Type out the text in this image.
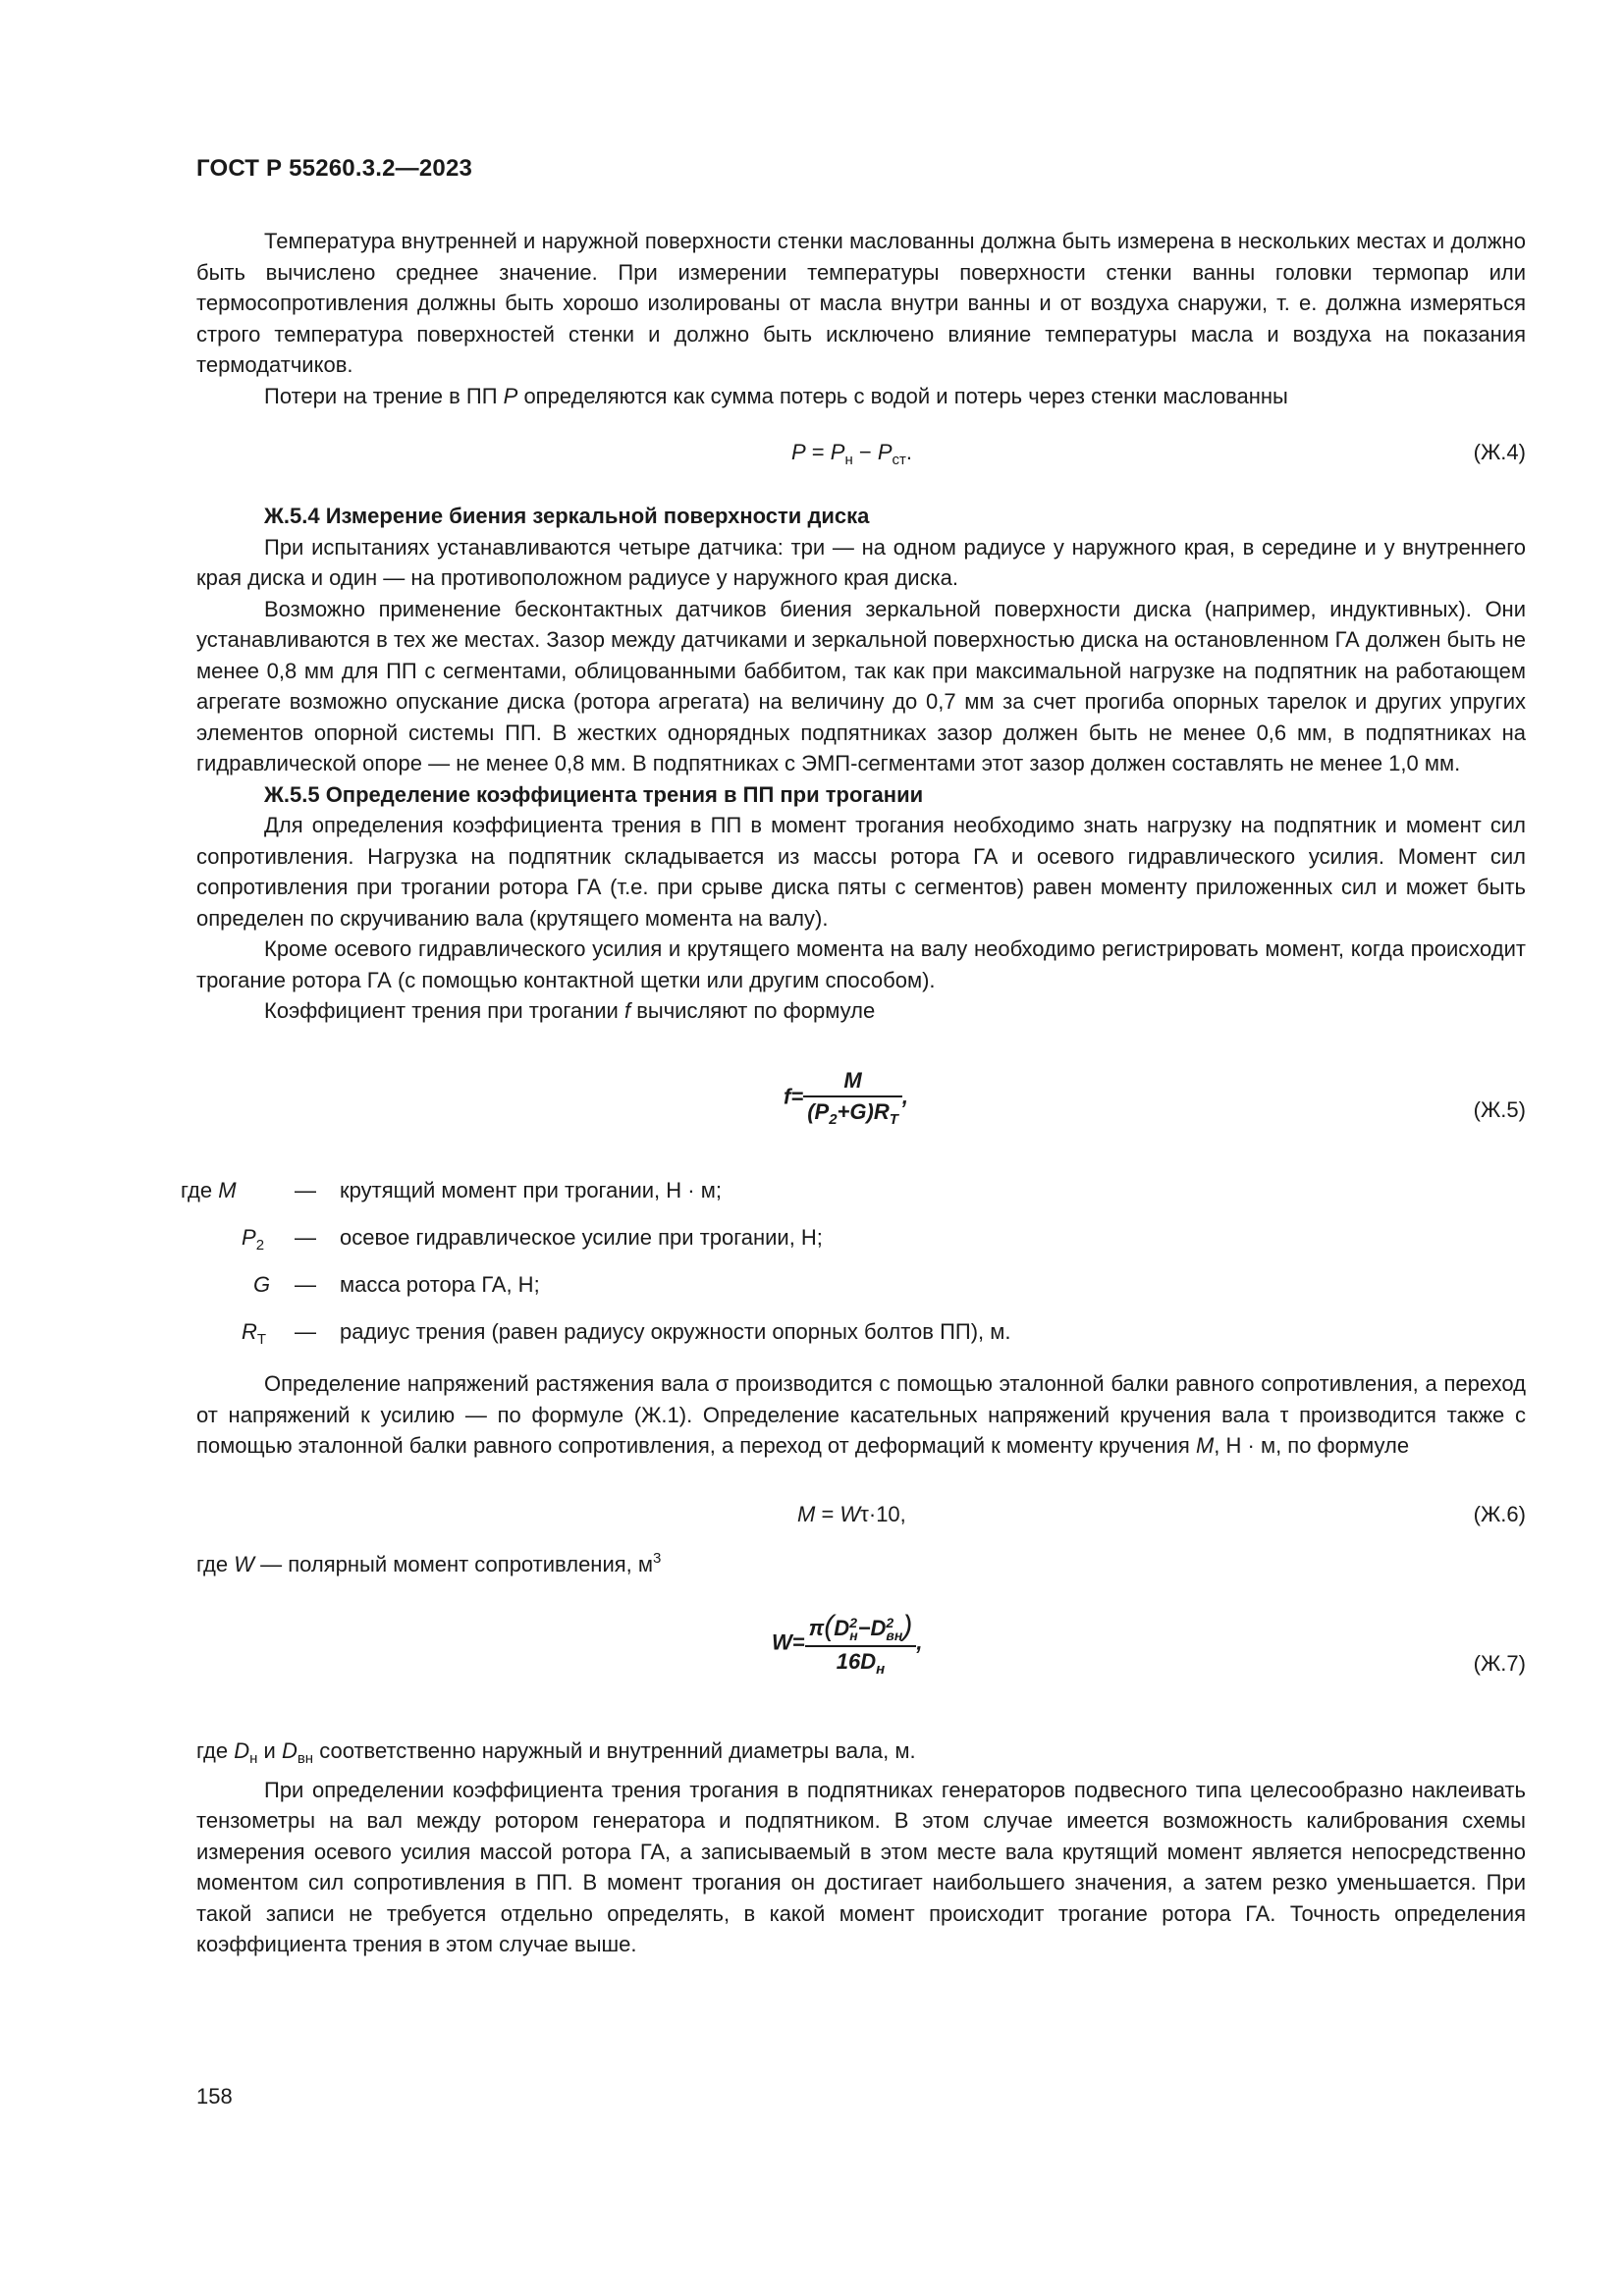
ГОСТ Р 55260.3.2—2023

Температура внутренней и наружной поверхности стенки маслованны должна быть измерена в нескольких местах и должно быть вычислено среднее значение. При измерении температуры поверхности стенки ванны головки термопар или термосопротивления должны быть хорошо изолированы от масла внутри ванны и от воздуха снаружи, т. е. должна измеряться строго температура поверхностей стенки и должно быть исключено влияние температуры масла и воздуха на показания термодатчиков.

Потери на трение в ПП P определяются как сумма потерь с водой и потерь через стенки маслованны

$P = P_н - P_{ст}$.	(Ж.4)
Ж.5.4 Измерение биения зеркальной поверхности диска

При испытаниях устанавливаются четыре датчика: три — на одном радиусе у наружного края, в середине и у внутреннего края диска и один — на противоположном радиусе у наружного края диска.

Возможно применение бесконтактных датчиков биения зеркальной поверхности диска (например, индуктивных). Они устанавливаются в тех же местах. Зазор между датчиками и зеркальной поверхностью диска на остановленном ГА должен быть не менее 0,8 мм для ПП с сегментами, облицованными баббитом, так как при максимальной нагрузке на подпятник на работающем агрегате возможно опускание диска (ротора агрегата) на величину до 0,7 мм за счет прогиба опорных тарелок и других упругих элементов опорной системы ПП. В жестких однорядных подпятниках зазор должен быть не менее 0,6 мм, в подпятниках на гидравлической опоре — не менее 0,8 мм. В подпятниках с ЭМП-сегментами этот зазор должен составлять не менее 1,0 мм.

Ж.5.5 Определение коэффициента трения в ПП при трогании

Для определения коэффициента трения в ПП в момент трогания необходимо знать нагрузку на подпятник и момент сил сопротивления. Нагрузка на подпятник складывается из массы ротора ГА и осевого гидравлического усилия. Момент сил сопротивления при трогании ротора ГА (т.е. при срыве диска пяты с сегментов) равен моменту приложенных сил и может быть определен по скручиванию вала (крутящего момента на валу).

Кроме осевого гидравлического усилия и крутящего момента на валу необходимо регистрировать момент, когда происходит трогание ротора ГА (с помощью контактной щетки или другим способом).

Коэффициент трения при трогании f вычисляют по формуле

$f= \frac{M}{(P_2+G)R_Т}$ ,
(Ж.5)
где M	— крутящий момент при трогании, Н · м;
$P_2$ — осевое гидравлическое усилие при трогании, Н;
G — масса ротора ГА, Н;
$R_Т$ — радиус трения (равен радиусу окружности опорных болтов ПП), м.

Определение напряжений растяжения вала σ производится с помощью эталонной балки равного сопротивления, а переход от напряжений к усилию — по формуле (Ж.1). Определение касательных напряжений кручения вала τ производится также с помощью эталонной балки равного сопротивления, а переход от деформаций к моменту кручения M, Н · м, по формуле

M = Wτ·10,	(Ж.6)

где W — полярный момент сопротивления, $м^3$

W= π(D 2
н −D 2
вн )
$16D_н$ ,
(Ж.7)

где $D_н$ и $D_{вн}$ соответственно наружный и внутренний диаметры вала, м.

При определении коэффициента трения трогания в подпятниках генераторов подвесного типа целесообразно наклеивать тензометры на вал между ротором генератора и подпятником. В этом случае имеется возможность калибрования схемы измерения осевого усилия массой ротора ГА, а записываемый в этом месте вала крутящий момент является непосредственно моментом сил сопротивления в ПП. В момент трогания он достигает наибольшего значения, а затем резко уменьшается. При такой записи не требуется отдельно определять, в какой момент происходит трогание ротора ГА. Точность определения коэффициента трения в этом случае выше.

158
